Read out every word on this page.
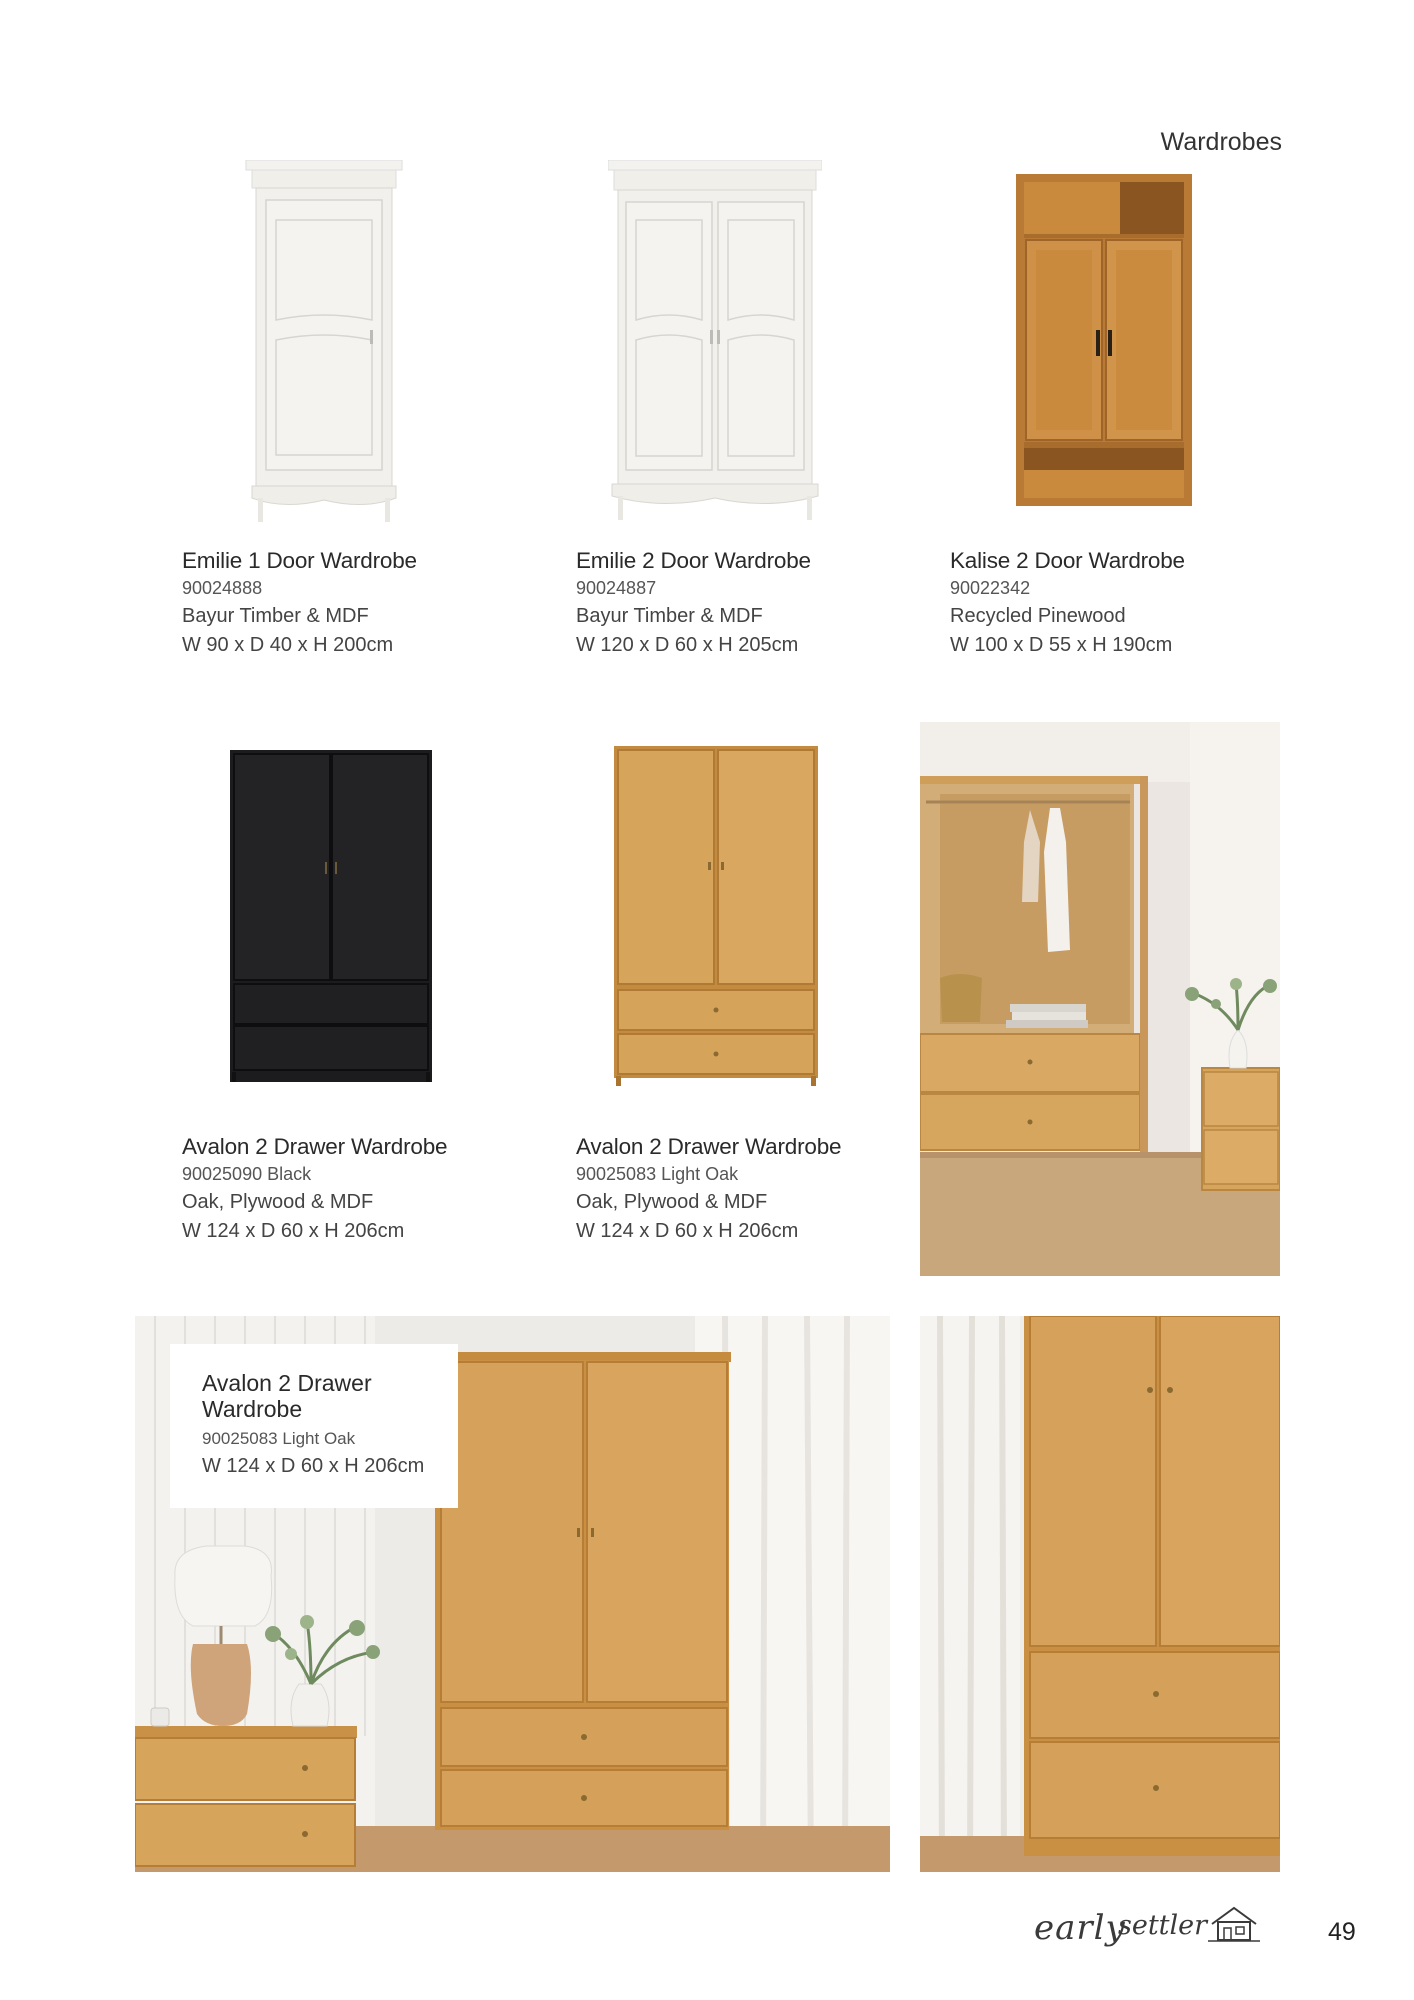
Wardrobes
Emilie 1 Door Wardrobe
90024888
Bayur Timber & MDF
W 90 x D 40 x H 200cm
Emilie 2 Door Wardrobe
90024887
Bayur Timber & MDF
W 120 x D 60 x H 205cm
Kalise 2 Door Wardrobe
90022342
Recycled Pinewood
W 100 x D 55 x H 190cm
Avalon 2 Drawer Wardrobe
90025090 Black
Oak, Plywood & MDF
W 124 x D 60 x H 206cm
Avalon 2 Drawer Wardrobe
90025083 Light Oak
Oak, Plywood & MDF
W 124 x D 60 x H 206cm
Avalon 2 Drawer Wardrobe
90025083 Light Oak
W 124 x D 60 x H 206cm
early
settler	49
